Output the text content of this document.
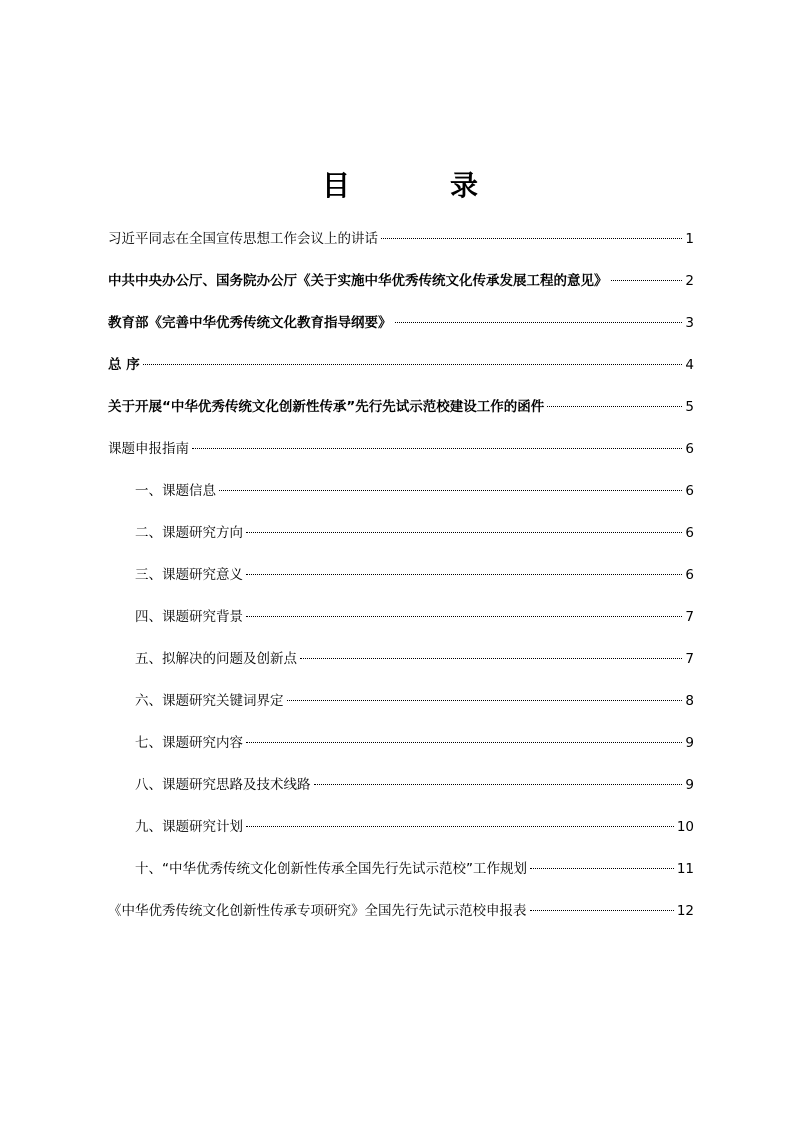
目　录
习近平同志在全国宣传思想工作会议上的讲话	1
中共中央办公厅、国务院办公厅《关于实施中华优秀传统文化传承发展工程的意见》	2
教育部《完善中华优秀传统文化教育指导纲要》	3
总 序	4
关于开展“中华优秀传统文化创新性传承”先行先试示范校建设工作的函件	5
课题申报指南	6
一、课题信息	6
二、课题研究方向	6
三、课题研究意义	6
四、课题研究背景	7
五、拟解决的问题及创新点	7
六、课题研究关键词界定	8
七、课题研究内容	9
八、课题研究思路及技术线路	9
九、课题研究计划	10
十、“中华优秀传统文化创新性传承全国先行先试示范校”工作规划	11
《中华优秀传统文化创新性传承专项研究》全国先行先试示范校申报表	12
